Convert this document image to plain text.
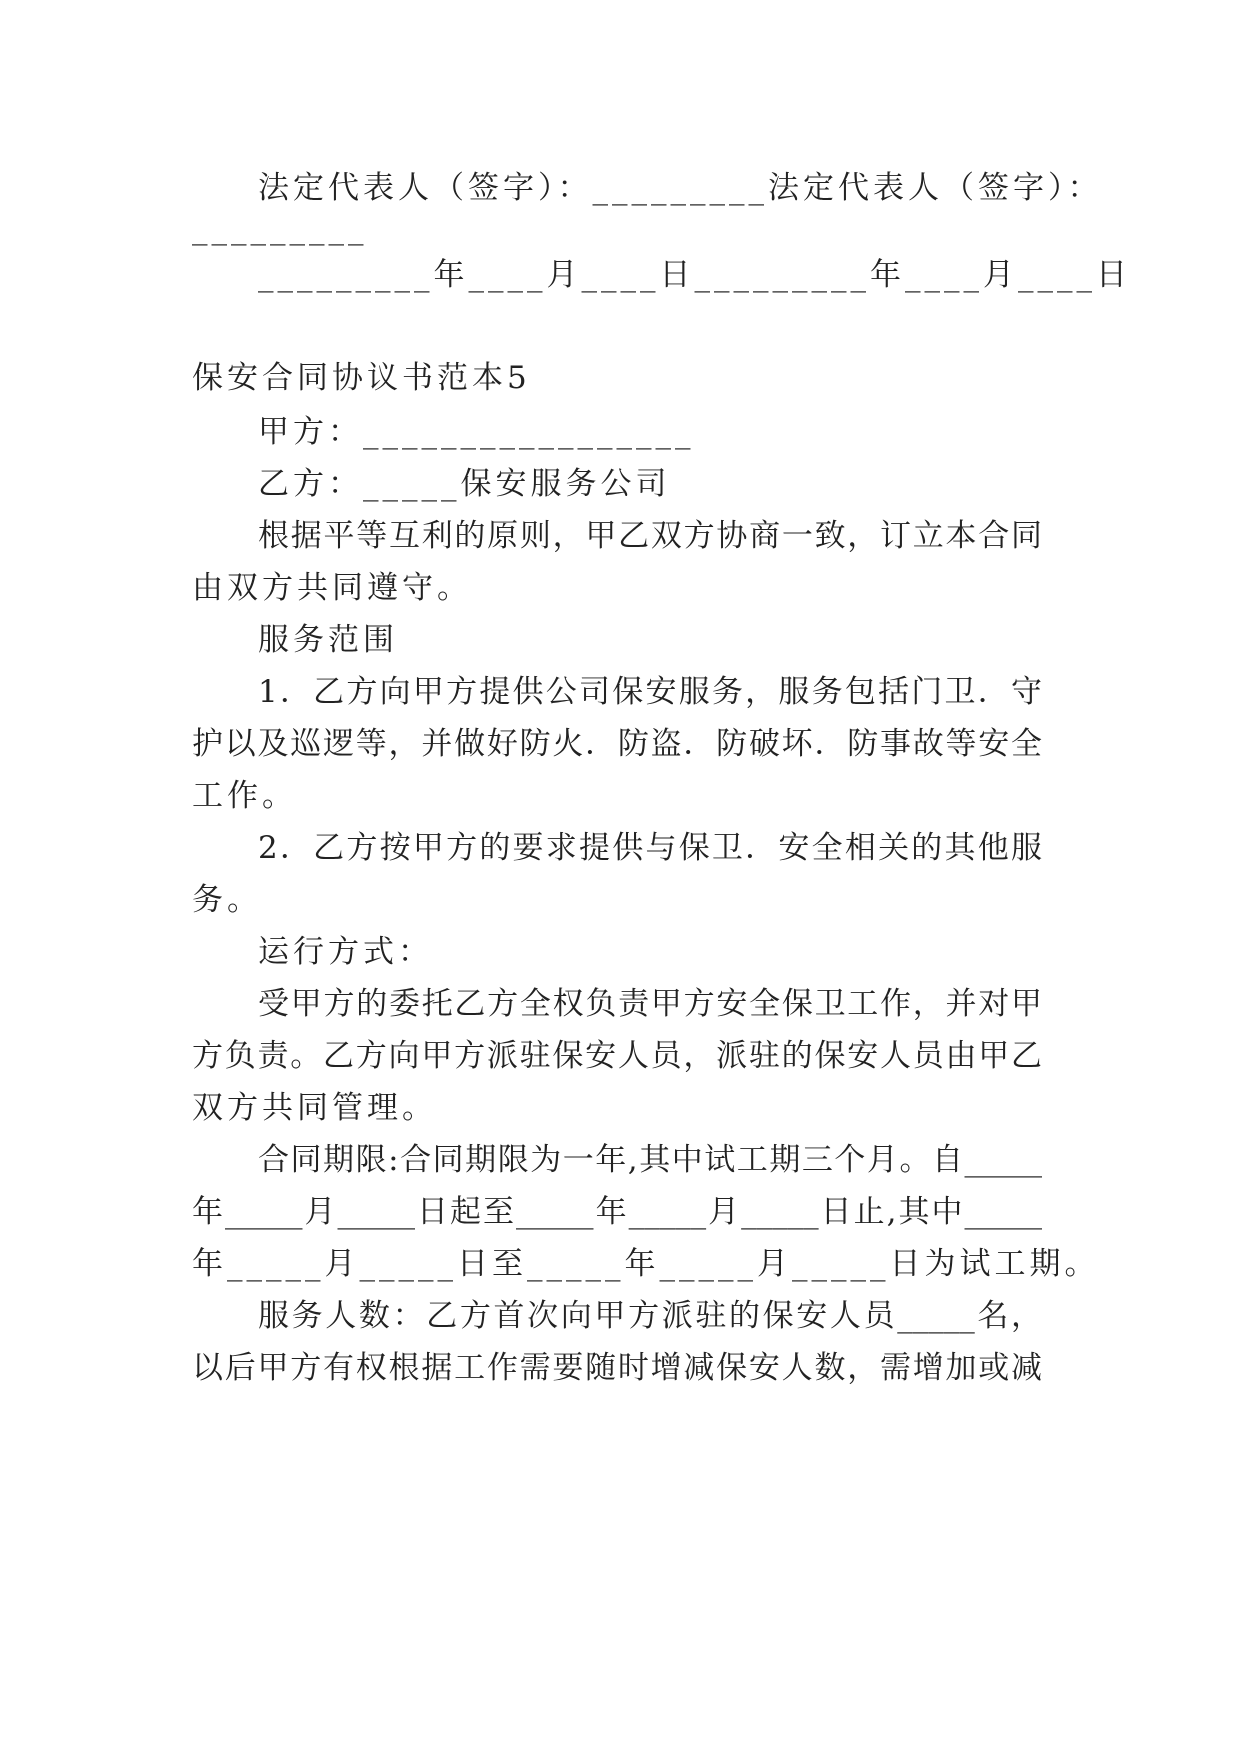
法定代表人（签字）：_________法定代表人（签字）：
_________
_________年____月____日_________年____月____日
保安合同协议书范本5
甲方：_________________
乙方：_____保安服务公司
根据平等互利的原则，甲乙双方协商一致，订立本合同
由双方共同遵守。
服务范围
1．乙方向甲方提供公司保安服务，服务包括门卫．守
护以及巡逻等，并做好防火．防盗．防破坏．防事故等安全
工作。
2．乙方按甲方的要求提供与保卫．安全相关的其他服
务。
运行方式：
受甲方的委托乙方全权负责甲方安全保卫工作，并对甲
方负责。乙方向甲方派驻保安人员，派驻的保安人员由甲乙
双方共同管理。
合同期限:合同期限为一年,其中试工期三个月。自_____
年_____月_____日起至_____年_____月_____日止,其中_____
年_____月_____日至_____年_____月_____日为试工期。
服务人数：乙方首次向甲方派驻的保安人员_____名，
以后甲方有权根据工作需要随时增减保安人数，需增加或减
